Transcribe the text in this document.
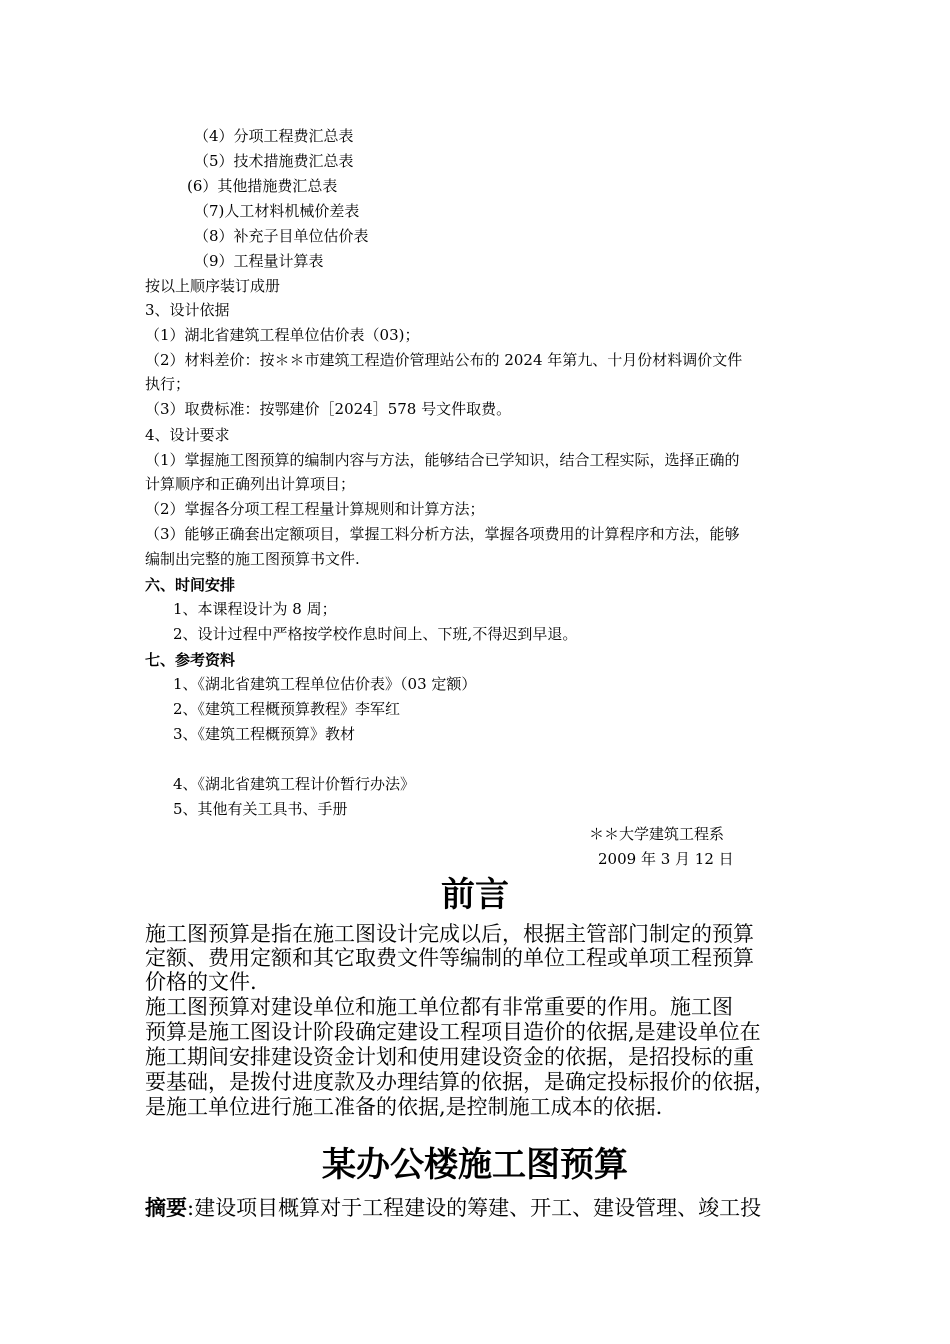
（4）分项工程费汇总表
（5）技术措施费汇总表
(6）其他措施费汇总表
（7)人工材料机械价差表
（8）补充子目单位估价表
（9）工程量计算表
按以上顺序装订成册
3、设计依据
（1）湖北省建筑工程单位估价表（03)；
（2）材料差价：按＊＊市建筑工程造价管理站公布的 2024 年第九、十月份材料调价文件
执行；
（3）取费标准：按鄂建价［2024］578 号文件取费。
4、设计要求
（1）掌握施工图预算的编制内容与方法，能够结合已学知识，结合工程实际，选择正确的
计算顺序和正确列出计算项目；
（2）掌握各分项工程工程量计算规则和计算方法；
（3）能够正确套出定额项目，掌握工料分析方法，掌握各项费用的计算程序和方法，能够
编制出完整的施工图预算书文件.
六、时间安排
1、本课程设计为 8 周；
2、设计过程中严格按学校作息时间上、下班,不得迟到早退。
七、参考资料
1、《湖北省建筑工程单位估价表》（03 定额）
2、《建筑工程概预算教程》李军红
3、《建筑工程概预算》教材
4、《湖北省建筑工程计价暂行办法》
5、其他有关工具书、手册
＊＊大学建筑工程系
2009 年 3 月 12 日
前言
施工图预算是指在施工图设计完成以后，根据主管部门制定的预算
定额、费用定额和其它取费文件等编制的单位工程或单项工程预算
价格的文件.
施工图预算对建设单位和施工单位都有非常重要的作用。施工图
预算是施工图设计阶段确定建设工程项目造价的依据,是建设单位在
施工期间安排建设资金计划和使用建设资金的依据，是招投标的重
要基础，是拨付进度款及办理结算的依据，是确定投标报价的依据，
是施工单位进行施工准备的依据,是控制施工成本的依据.
某办公楼施工图预算
摘要:建设项目概算对于工程建设的筹建、开工、建设管理、竣工投
